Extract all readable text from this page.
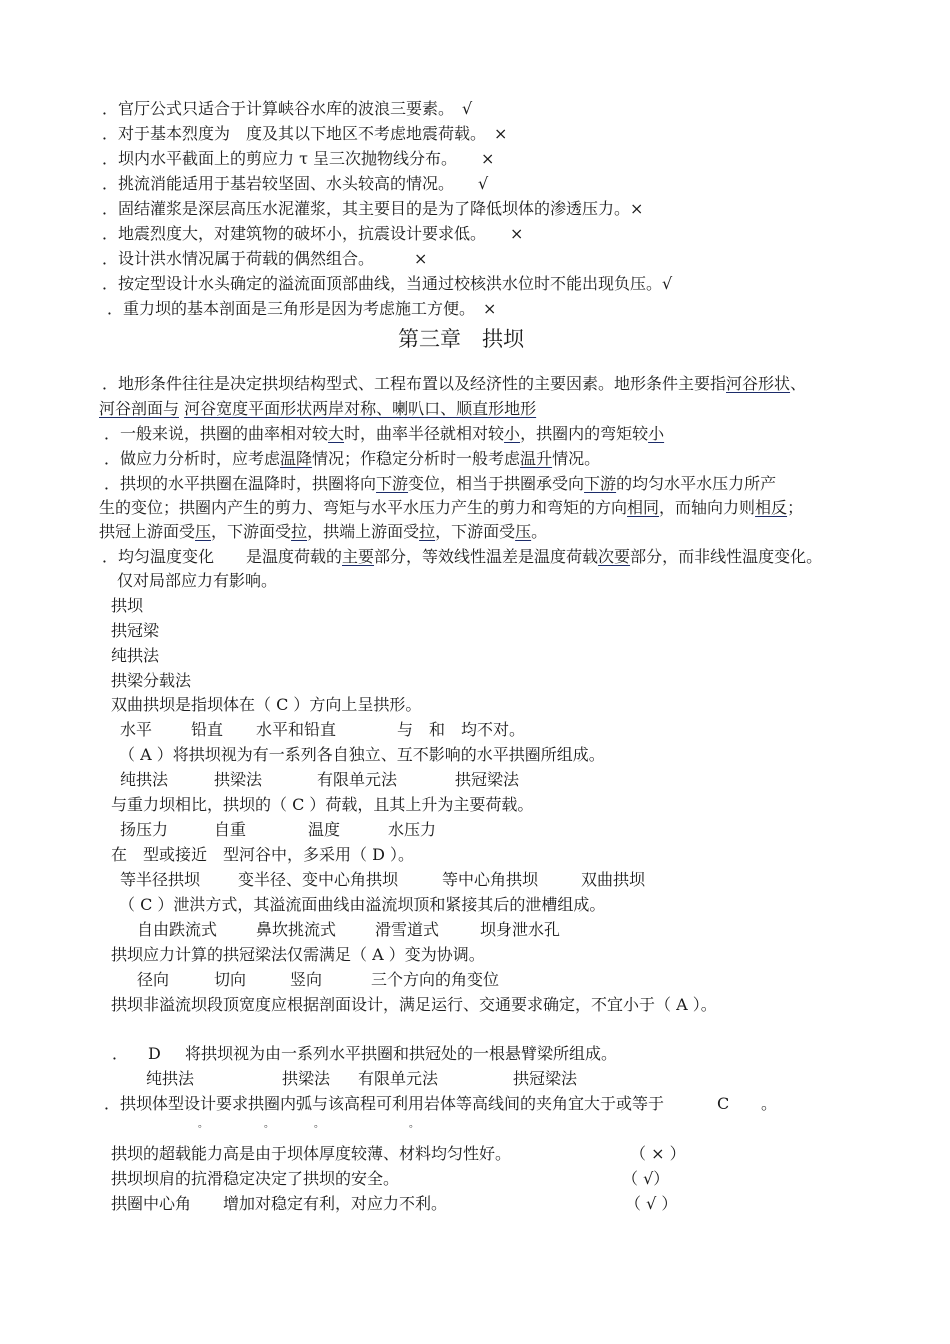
．官厅公式只适合于计算峡谷水库的波浪三要素。　√
．对于基本烈度为　度及其以下地区不考虑地震荷载。　×
．坝内水平截面上的剪应力 τ 呈三次抛物线分布。　　×
．挑流消能适用于基岩较坚固、水头较高的情况。　　√
．固结灌浆是深层高压水泥灌浆，其主要目的是为了降低坝体的渗透压力。×
．地震烈度大，对建筑物的破坏小，抗震设计要求低。　　×
．设计洪水情况属于荷载的偶然组合。　　　×
．按定型设计水头确定的溢流面顶部曲线，当通过校核洪水位时不能出现负压。√
．重力坝的基本剖面是三角形是因为考虑施工方便。　×
第三章　拱坝
．地形条件往往是决定拱坝结构型式、工程布置以及经济性的主要因素。地形条件主要指河谷形状、
河谷剖面与 河谷宽度平面形状两岸对称、喇叭口、顺直形地形
．一般来说，拱圈的曲率相对较大时，曲率半径就相对较小，拱圈内的弯矩较小
．做应力分析时，应考虑温降情况；作稳定分析时一般考虑温升情况。
．拱坝的水平拱圈在温降时，拱圈将向下游变位，相当于拱圈承受向下游的均匀水平水压力所产
生的变位；拱圈内产生的剪力、弯矩与水平水压力产生的剪力和弯矩的方向相同，而轴向力则相反；
拱冠上游面受压，下游面受拉，拱端上游面受拉，下游面受压。
．均匀温度变化　　是温度荷载的主要部分，等效线性温差是温度荷载次要部分，而非线性温度变化。
仅对局部应力有影响。
拱坝
拱冠梁
纯拱法
拱梁分载法
双曲拱坝是指坝体在（ C ）方向上呈拱形。
水平 铅直 水平和铅直	与　和　均不对。
（ A ）将拱坝视为有一系列各自独立、互不影响的水平拱圈所组成。
纯拱法	拱梁法	有限单元法	拱冠梁法
与重力坝相比，拱坝的（ C ）荷载，且其上升为主要荷载。
扬压力	自重	温度	水压力
在　型或接近　型河谷中，多采用（ D ）。
等半径拱坝 变半径、变中心角拱坝	等中心角拱坝	双曲拱坝
（ C ）泄洪方式，其溢流面曲线由溢流坝顶和紧接其后的泄槽组成。
自由跌流式 鼻坎挑流式 滑雪道式	坝身泄水孔
拱坝应力计算的拱冠梁法仅需满足（ A ）变为协调。
径向	切向	竖向	三个方向的角变位
拱坝非溢流坝段顶宽度应根据剖面设计，满足运行、交通要求确定，不宜小于（ A ）。
． D 将拱坝视为由一系列水平拱圈和拱冠处的一根悬臂梁所组成。
纯拱法	拱梁法 有限单元法	拱冠梁法
．拱坝体型设计要求拱圈内弧与该高程可利用岩体等高线间的夹角宜大于或等于	C 。
。	。	。	。
拱坝的超载能力高是由于坝体厚度较薄、材料均匀性好。	（ × ）
拱坝坝肩的抗滑稳定决定了拱坝的安全。	（ √）
拱圈中心角　　增加对稳定有利，对应力不利。	（ √ ）
